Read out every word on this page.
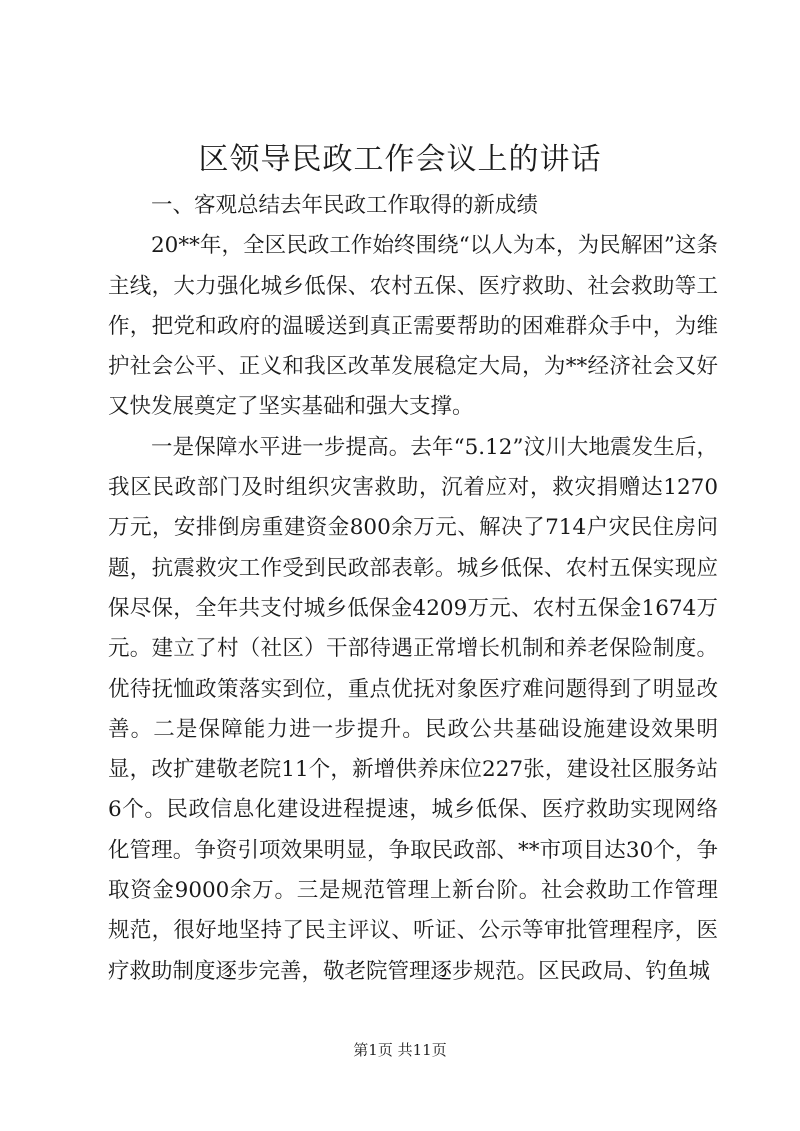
区领导民政工作会议上的讲话

一、客观总结去年民政工作取得的新成绩

20**年，全区民政工作始终围绕“以人为本，为民解困”这条主线，大力强化城乡低保、农村五保、医疗救助、社会救助等工作，把党和政府的温暖送到真正需要帮助的困难群众手中，为维护社会公平、正义和我区改革发展稳定大局，为**经济社会又好又快发展奠定了坚实基础和强大支撑。

一是保障水平进一步提高。去年“5.12”汶川大地震发生后，我区民政部门及时组织灾害救助，沉着应对，救灾捐赠达1270万元，安排倒房重建资金800余万元、解决了714户灾民住房问题，抗震救灾工作受到民政部表彰。城乡低保、农村五保实现应保尽保，全年共支付城乡低保金4209万元、农村五保金1674万元。建立了村（社区）干部待遇正常增长机制和养老保险制度。优待抚恤政策落实到位，重点优抚对象医疗难问题得到了明显改善。二是保障能力进一步提升。民政公共基础设施建设效果明显，改扩建敬老院11个，新增供养床位227张，建设社区服务站6个。民政信息化建设进程提速，城乡低保、医疗救助实现网络化管理。争资引项效果明显，争取民政部、**市项目达30个，争取资金9000余万。三是规范管理上新台阶。社会救助工作管理规范，很好地坚持了民主评议、听证、公示等审批管理程序，医疗救助制度逐步完善，敬老院管理逐步规范。区民政局、钓鱼城

第1页 共11页
